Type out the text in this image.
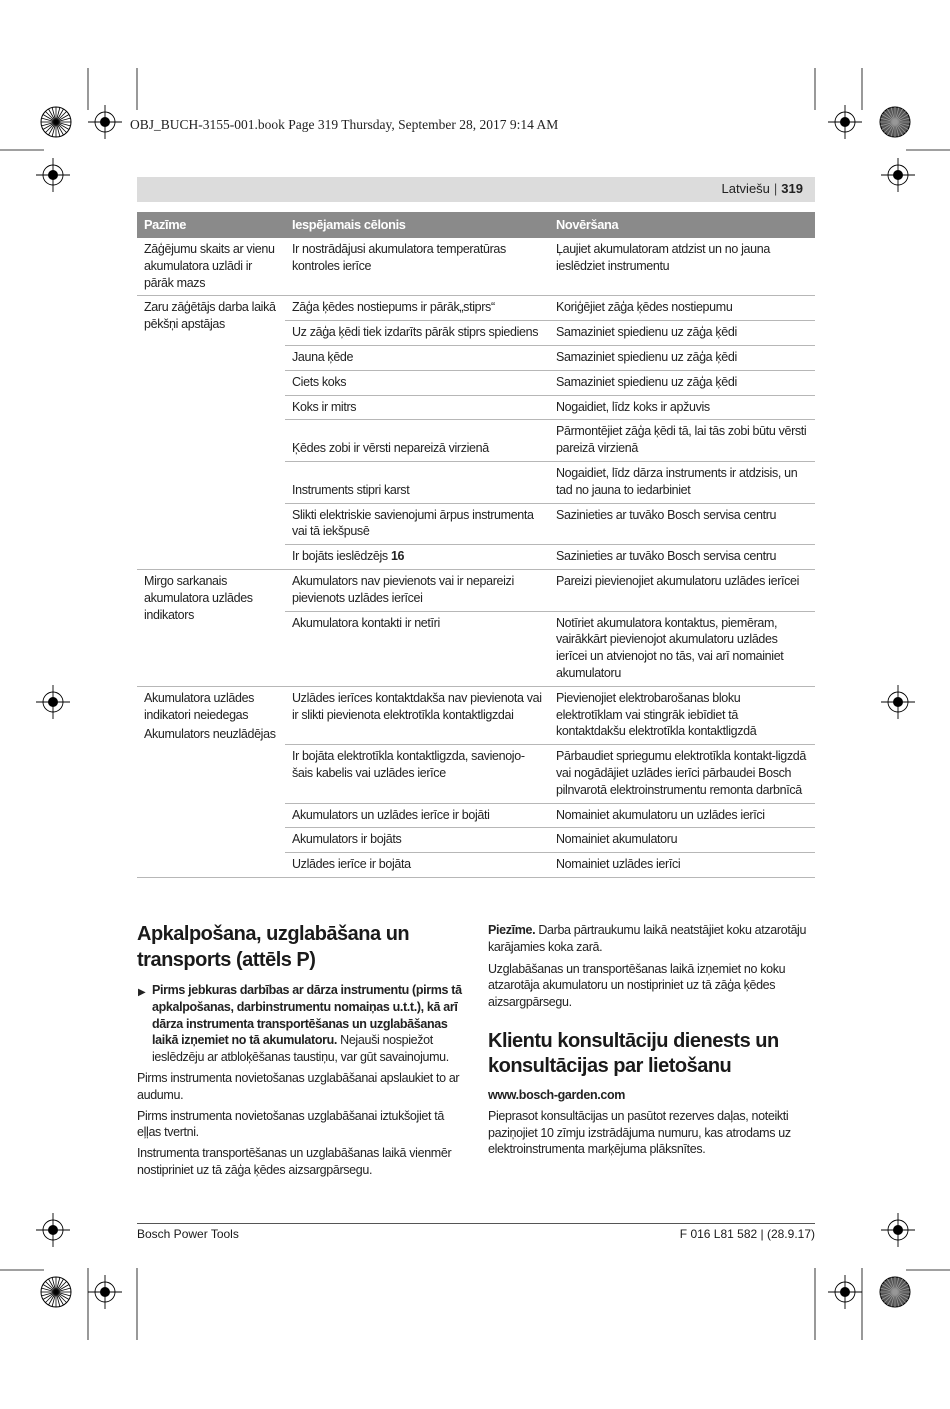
OBJ_BUCH-3155-001.book Page 319 Thursday, September 28, 2017 9:14 AM
Latviešu | 319
Pazīme	Iespējamais cēlonis	Novēršana

Zāģējumu skaits ar vienu akumulatora uzlādi ir pārāk mazs	Ir nostrādājusi akumulatora temperatūras kontroles ierīce	Ļaujiet akumulatoram atdzist un no jauna ieslēdziet instrumentu

Zaru zāģētājs darba laikā pēkšņi apstājas	Zāģa ķēdes nostiepums ir pārāk„stiprs“	Koriģējiet zāģa ķēdes nostiepumu
	Uz zāģa ķēdi tiek izdarīts pārāk stiprs spiediens	Samaziniet spiedienu uz zāģa ķēdi
	Jauna ķēde	Samaziniet spiedienu uz zāģa ķēdi
	Ciets koks	Samaziniet spiedienu uz zāģa ķēdi
	Koks ir mitrs	Nogaidiet, līdz koks ir apžuvis
	Ķēdes zobi ir vērsti nepareizā virzienā	Pārmontējiet zāģa ķēdi tā, lai tās zobi būtu vērsti pareizā virzienā
	Instruments stipri karst	Nogaidiet, līdz dārza instruments ir atdzisis, un tad no jauna to iedarbiniet
	Slikti elektriskie savienojumi ārpus instrumenta vai tā iekšpusē	Sazinieties ar tuvāko Bosch servisa centru
	Ir bojāts ieslēdzējs 16	Sazinieties ar tuvāko Bosch servisa centru

Mirgo sarkanais akumulatora uzlādes indikators	Akumulators nav pievienots vai ir nepareizi pievienots uzlādes ierīcei	Pareizi pievienojiet akumulatoru uzlādes ierīcei
	Akumulatora kontakti ir netīri	Notīriet akumulatora kontaktus, piemēram, vairākkārt pievienojot akumulatoru uzlādes ierīcei un atvienojot no tās, vai arī nomainiet akumulatoru

Akumulatora uzlādes indikatori neiedegas
Akumulators neuzlādējas	Uzlādes ierīces kontaktdakša nav pievienota vai ir slikti pievienota elektrotīkla kontaktligzdai	Pievienojiet elektrobarošanas bloku elektrotīklam vai stingrāk iebīdiet tā kontaktdakšu elektrotīkla kontaktligzdā
	Ir bojāta elektrotīkla kontaktligzda, savienojo-šais kabelis vai uzlādes ierīce	Pārbaudiet spriegumu elektrotīkla kontakt-ligzdā vai nogādājiet uzlādes ierīci pārbaudei Bosch pilnvarotā elektroinstrumentu remonta darbnīcā
	Akumulators un uzlādes ierīce ir bojāti	Nomainiet akumulatoru un uzlādes ierīci
	Akumulators ir bojāts	Nomainiet akumulatoru
	Uzlādes ierīce ir bojāta	Nomainiet uzlādes ierīci
Apkalpošana, uzglabāšana un transports (attēls P)

▶ Pirms jebkuras darbības ar dārza instrumentu (pirms tā apkalpošanas, darbinstrumentu nomaiņas u.t.t.), kā arī dārza instrumenta transportēšanas un uzglabāšanas laikā izņemiet no tā akumulatoru. Nejauši nospiežot ieslēdzēju ar atbloķēšanas taustiņu, var gūt savainojumu.

Pirms instrumenta novietošanas uzglabāšanai apslaukiet to ar audumu.

Pirms instrumenta novietošanas uzglabāšanai iztukšojiet tā eļļas tvertni.

Instrumenta transportēšanas un uzglabāšanas laikā vienmēr nostipriniet uz tā zāģa ķēdes aizsargpārsegu.

Piezīme. Darba pārtraukumu laikā neatstājiet koku atzarotāju karājamies koka zarā.

Uzglabāšanas un transportēšanas laikā izņemiet no koku atzarotāja akumulatoru un nostipriniet uz tā zāģa ķēdes aizsargpārsegu.

Klientu konsultāciju dienests un konsultācijas par lietošanu

www.bosch-garden.com

Pieprasot konsultācijas un pasūtot rezerves daļas, noteikti paziņojiet 10 zīmju izstrādājuma numuru, kas atrodams uz elektroinstrumenta marķējuma plāksnītes.

Bosch Power Tools	F 016 L81 582 | (28.9.17)
